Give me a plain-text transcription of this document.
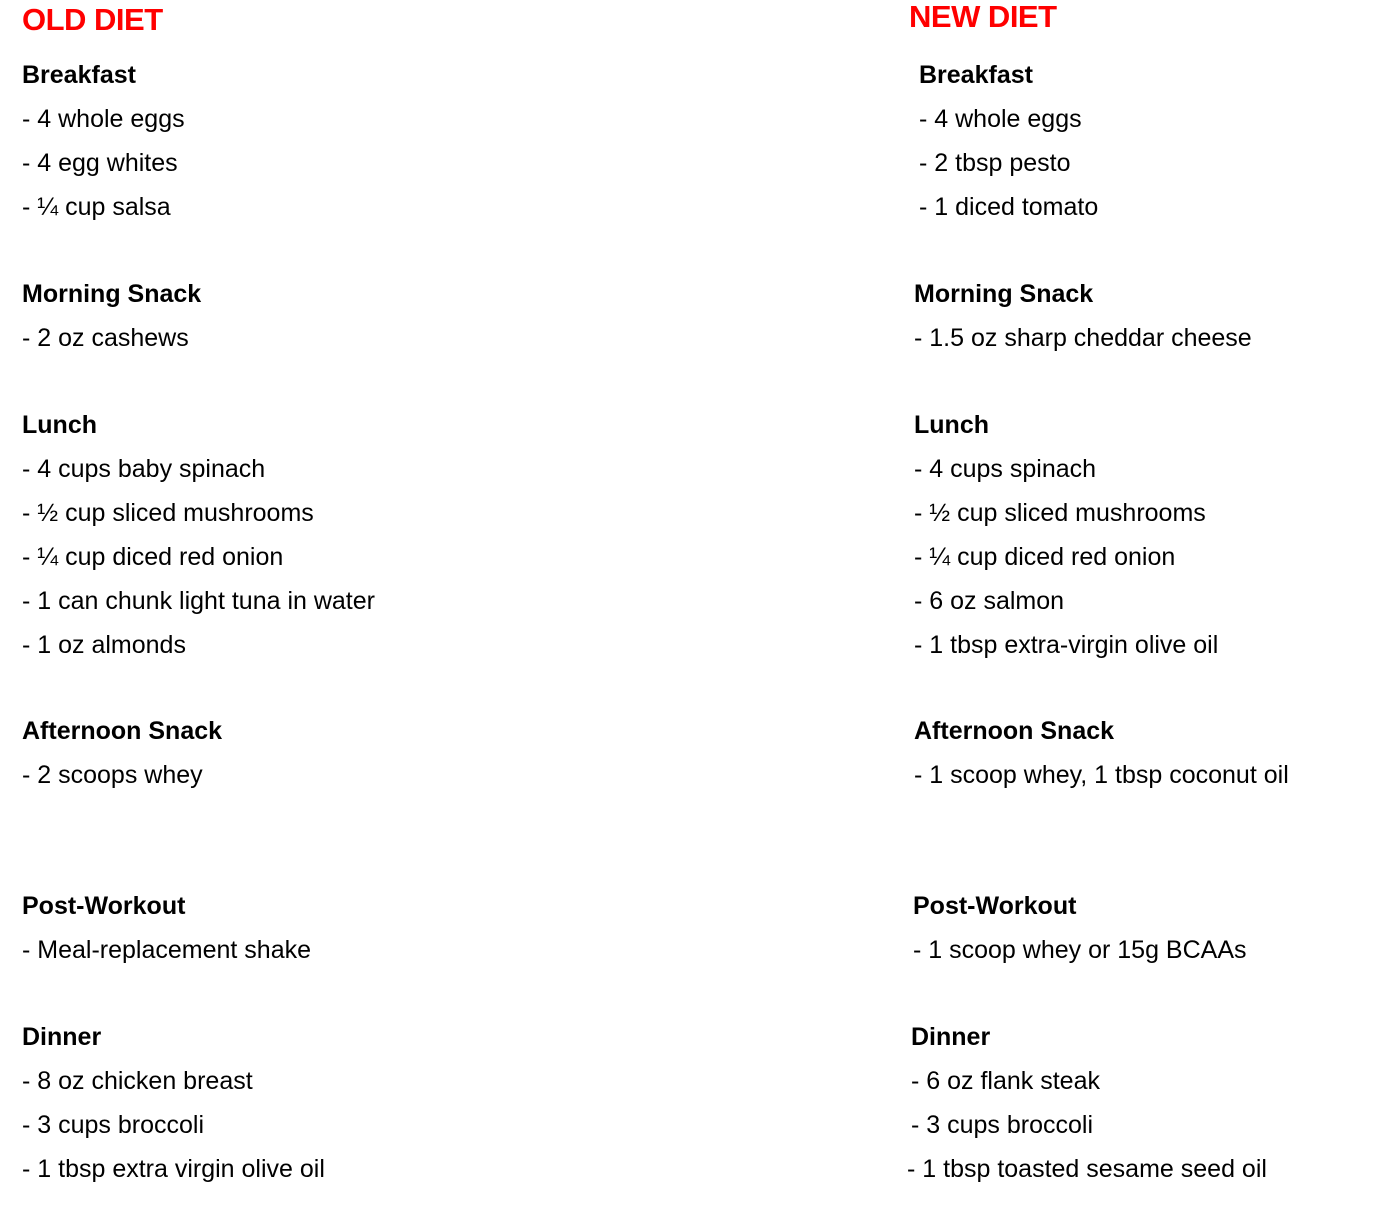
OLD DIET
Breakfast
- 4 whole eggs
- 4 egg whites
- ¼ cup salsa
Morning Snack
- 2 oz cashews
Lunch
- 4 cups baby spinach
- ½ cup sliced mushrooms
- ¼ cup diced red onion
- 1 can chunk light tuna in water
- 1 oz almonds
Afternoon Snack
- 2 scoops whey
Post-Workout
- Meal-replacement shake
Dinner
- 8 oz chicken breast
- 3 cups broccoli
- 1 tbsp extra virgin olive oil
NEW DIET
Breakfast
- 4 whole eggs
- 2 tbsp pesto
- 1 diced tomato
Morning Snack
- 1.5 oz sharp cheddar cheese
Lunch
- 4 cups spinach
- ½ cup sliced mushrooms
- ¼ cup diced red onion
- 6 oz salmon
- 1 tbsp extra-virgin olive oil
Afternoon Snack
- 1 scoop whey, 1 tbsp coconut oil
Post-Workout
- 1 scoop whey or 15g BCAAs
Dinner
- 6 oz flank steak
- 3 cups broccoli
- 1 tbsp toasted sesame seed oil
